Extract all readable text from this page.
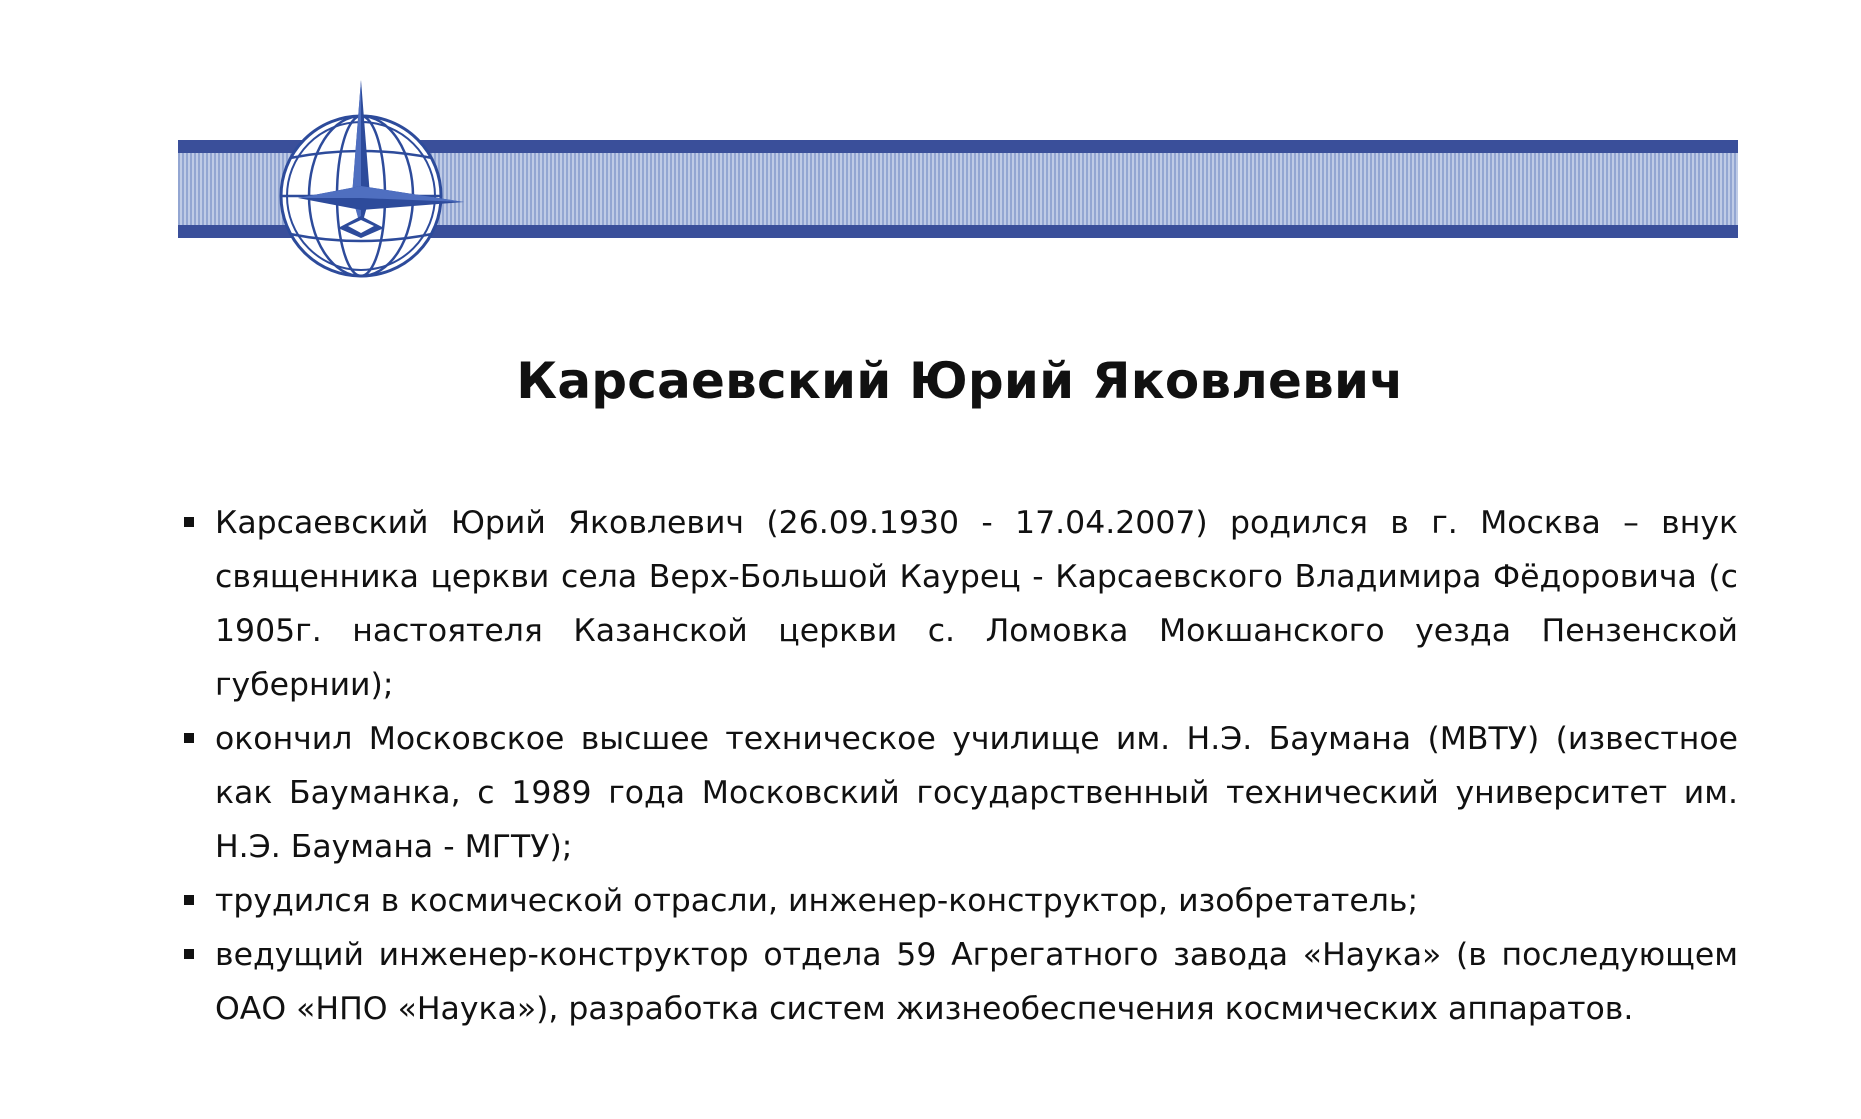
Карсаевский Юрий Яковлевич
Карсаевский Юрий Яковлевич (26.09.1930 - 17.04.2007) родился в г. Москва – внук священника церкви села Верх-Большой Каурец - Карсаевского Владимира Фёдоровича (с 1905г. настоятеля Казанской церкви с. Ломовка Мокшанского уезда Пензенской губернии);
окончил Московское высшее техническое училище им. Н.Э. Баумана (МВТУ) (известное как Бауманка, с 1989 года Московский государственный технический университет им. Н.Э. Баумана - МГТУ);
трудился в космической отрасли, инженер-конструктор, изобретатель;
ведущий инженер-конструктор отдела 59 Агрегатного завода «Наука» (в последующем ОАО «НПО «Наука»), разработка систем жизнеобеспечения космических аппаратов.
